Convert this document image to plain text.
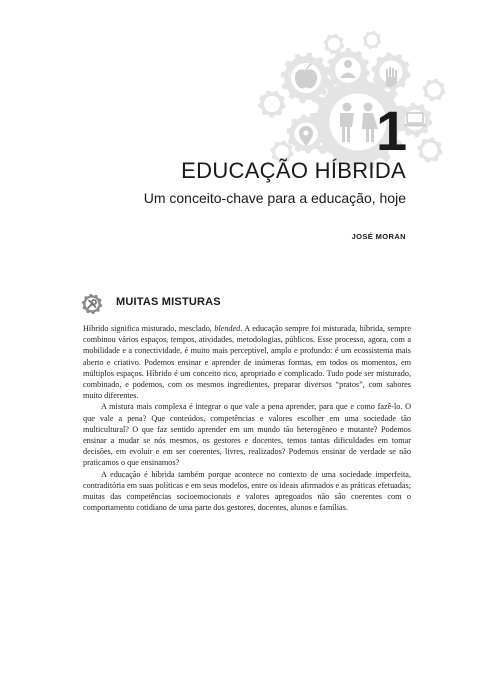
1
EDUCAÇÃO HÍBRIDA
Um conceito-chave para a educação, hoje
JOSÉ MORAN
MUITAS MISTURAS

Híbrido significa misturado, mesclado, blended. A educação sempre foi misturada, híbrida, sempre combinou vários espaços, tempos, atividades, metodologias, públicos. Esse processo, agora, com a mobilidade e a conectividade, é muito mais perceptível, amplo e profundo: é um ecossistema mais aberto e criativo. Podemos ensinar e aprender de inúmeras formas, em todos os momentos, em múltiplos espaços. Híbrido é um conceito rico, apropriado e complicado. Tudo pode ser misturado, combinado, e podemos, com os mesmos ingredientes, preparar diversos “pratos”, com sabores muito diferentes.

A mistura mais complexa é integrar o que vale a pena aprender, para que e como fazê-lo. O que vale a pena? Que conteúdos, competências e valores escolher em uma sociedade tão multicultural? O que faz sentido aprender em um mundo tão heterogêneo e mutante? Podemos ensinar a mudar se nós mesmos, os gestores e docentes, temos tantas dificuldades em tomar decisões, em evoluir e em ser coerentes, livres, realizados? Podemos ensinar de verdade se não praticamos o que ensinamos?

A educação é híbrida também porque acontece no contexto de uma sociedade imperfeita, contraditória em suas políticas e em seus modelos, entre os ideais afirmados e as práticas efetuadas; muitas das competências socioemocionais e valores apregoados não são coerentes com o comportamento cotidiano de uma parte dos gestores, docentes, alunos e famílias.
